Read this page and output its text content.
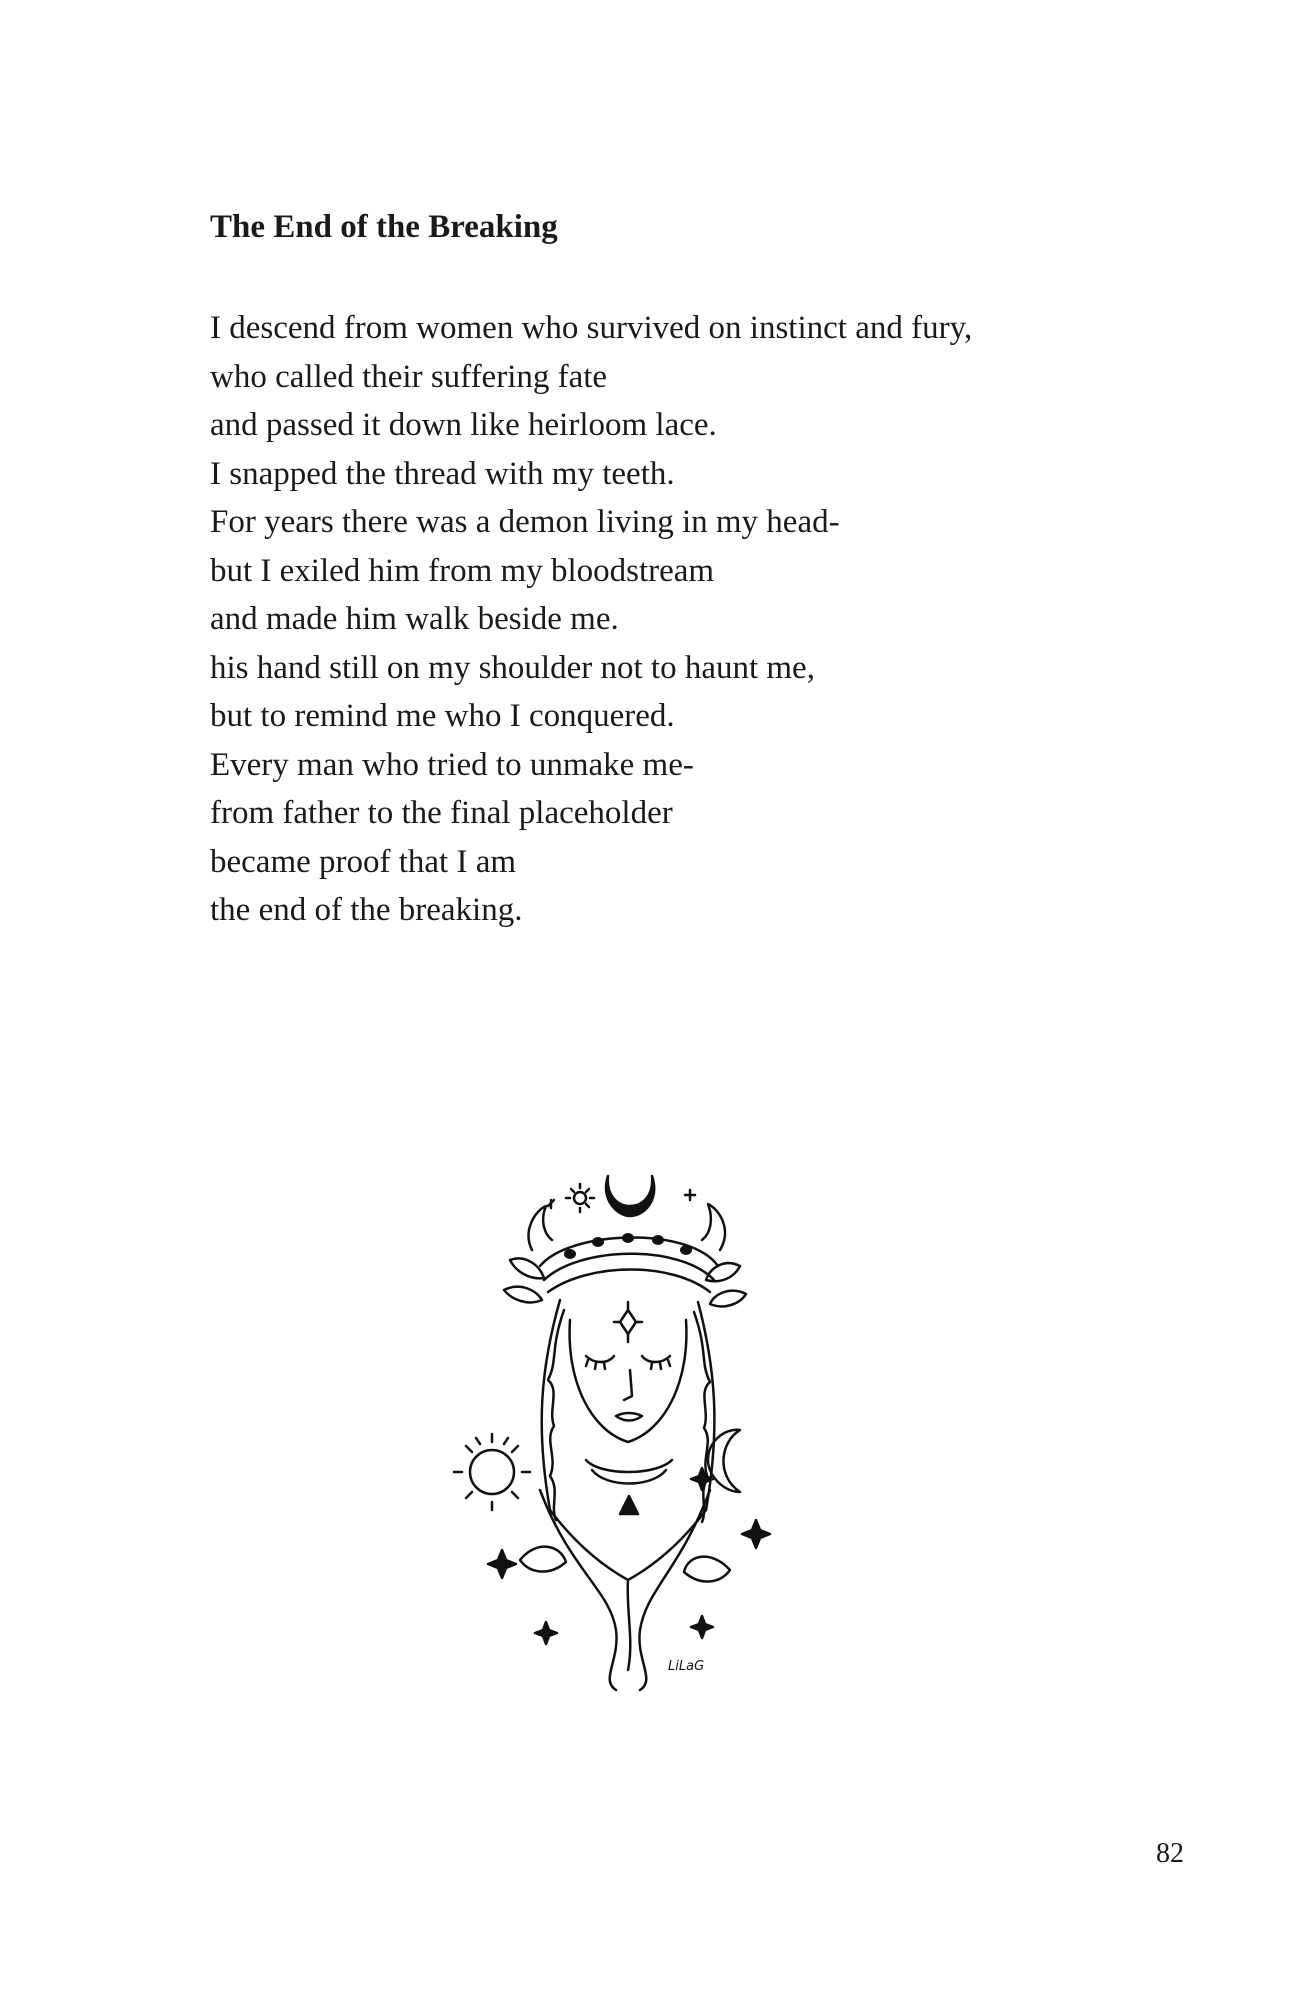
The End of the Breaking
I descend from women who survived on instinct and fury,
who called their suffering fate
and passed it down like heirloom lace.
I snapped the thread with my teeth.
For years there was a demon living in my head-
but I exiled him from my bloodstream
and made him walk beside me.
his hand still on my shoulder not to haunt me,
but to remind me who I conquered.
Every man who tried to unmake me-
from father to the final placeholder
became proof that I am
the end of the breaking.
LiLaG
82
